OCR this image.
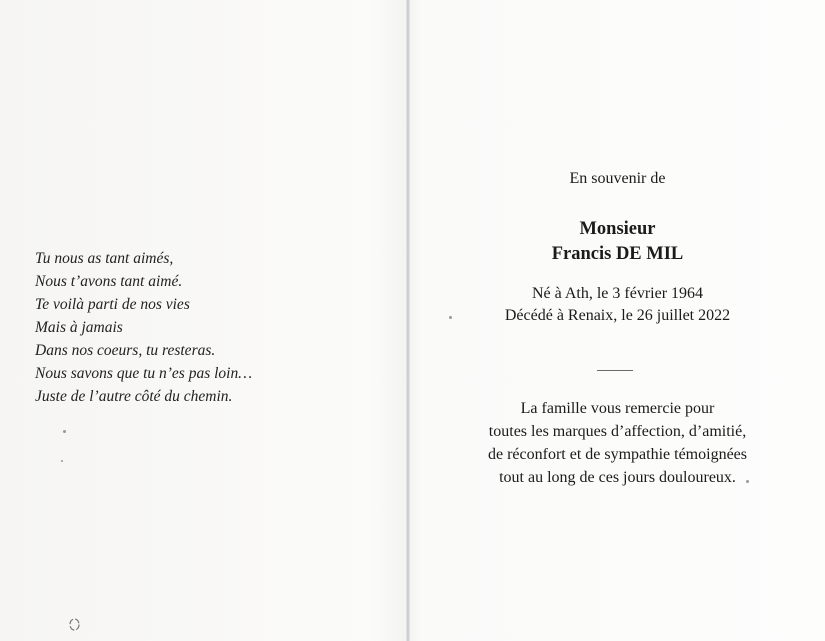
Tu nous as tant aimés,
Nous t’avons tant aimé.
Te voilà parti de nos vies
Mais à jamais
Dans nos coeurs, tu resteras.
Nous savons que tu n’es pas loin…
Juste de l’autre côté du chemin.
En souvenir de
Monsieur
Francis DE MIL
Né à Ath, le 3 février 1964
Décédé à Renaix, le 26 juillet 2022
La famille vous remercie pour
toutes les marques d’affection, d’amitié,
de réconfort et de sympathie témoignées
tout au long de ces jours douloureux.
